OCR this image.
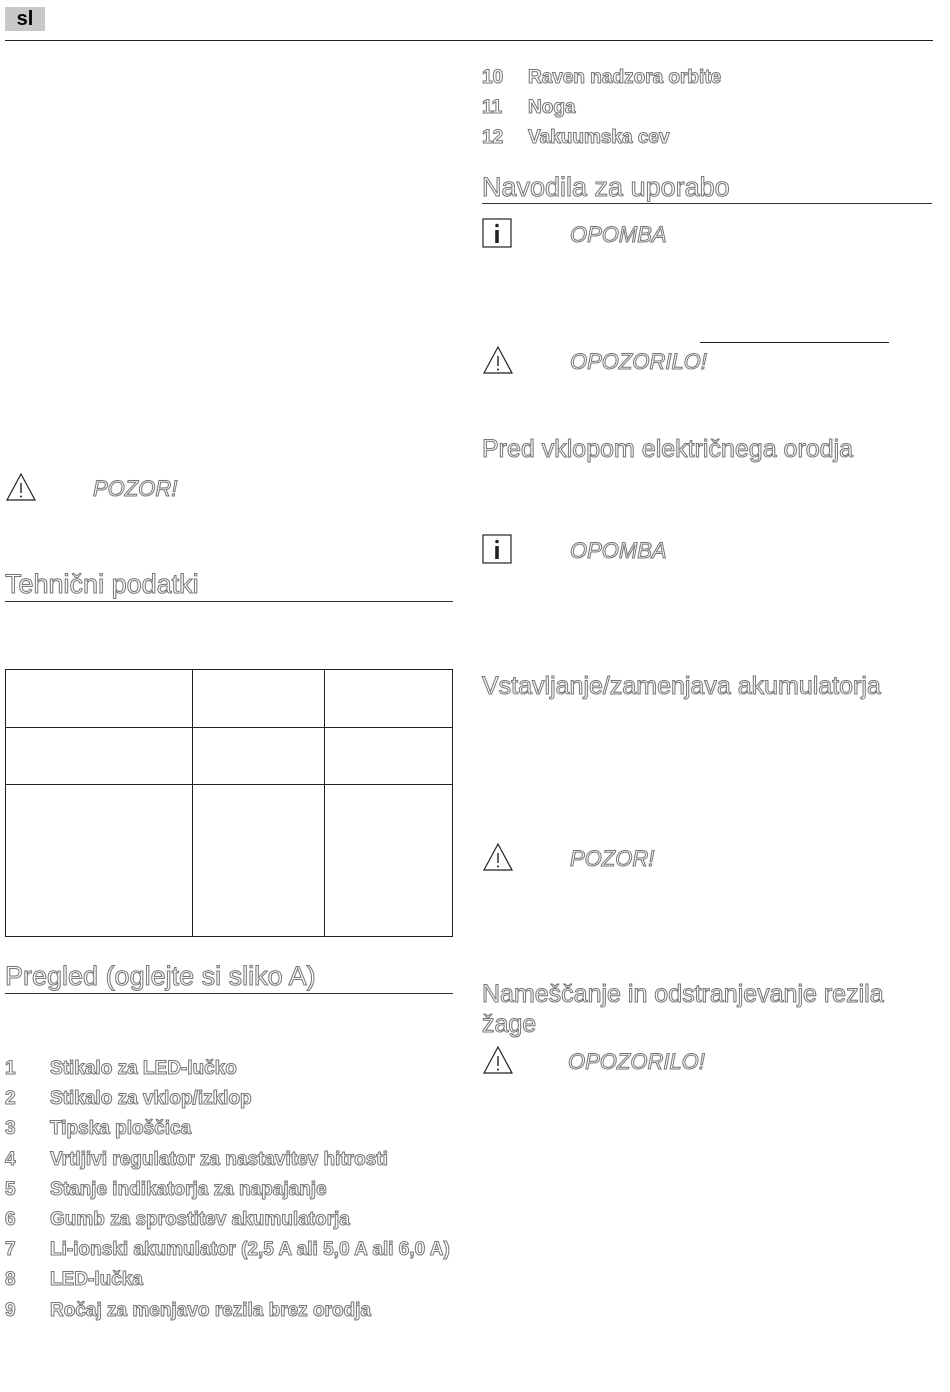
sl
POZOR!
Tehnični podatki
Pregled (oglejte si sliko A)
1 Stikalo za LED-lučko
2 Stikalo za vklop/izklop
3 Tipska ploščica
4 Vrtljivi regulator za nastavitev hitrosti
5 Stanje indikatorja za napajanje
6 Gumb za sprostitev akumulatorja
7 Li-ionski akumulator (2,5 A ali 5,0 A ali 6,0 A)
8 LED-lučka
9 Ročaj za menjavo rezila brez orodja
10 Raven nadzora orbite
11 Noga
12 Vakuumska cev
Navodila za uporabo
OPOMBA
OPOZORILO!
Pred vklopom električnega orodja
OPOMBA
Vstavljanje/zamenjava akumulatorja
POZOR!
Nameščanje in odstranjevanje rezila
žage
OPOZORILO!
